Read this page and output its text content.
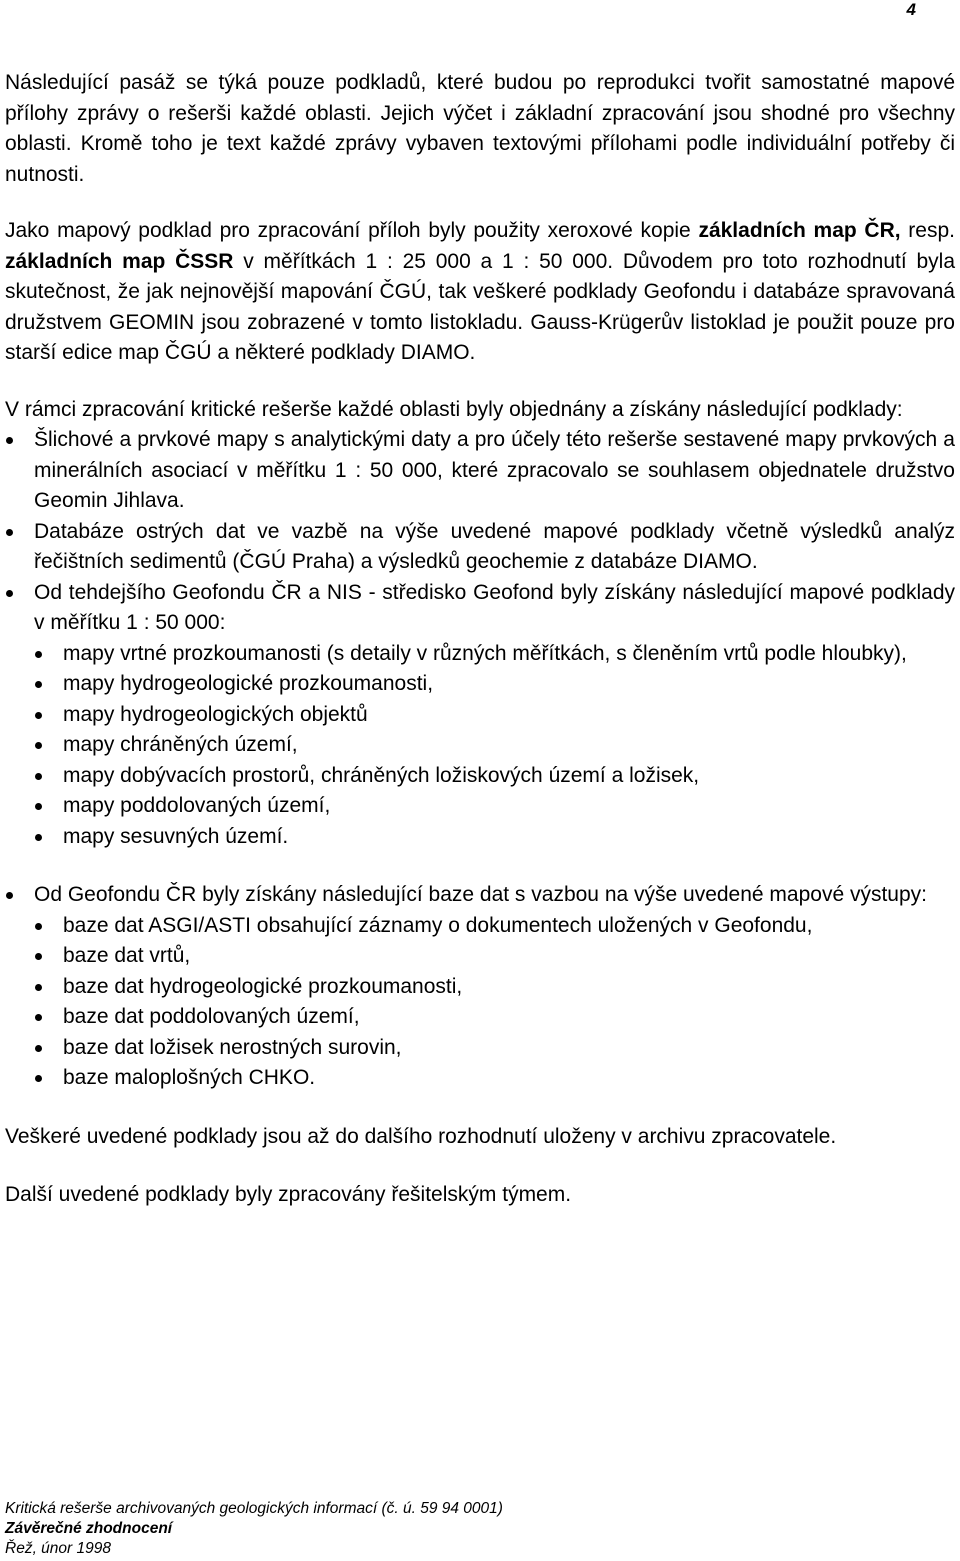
4

Následující pasáž se týká pouze podkladů, které budou po reprodukci tvořit samostatné mapové přílohy zprávy o rešerši každé oblasti. Jejich výčet i základní zpracování jsou shodné pro všechny oblasti. Kromě toho je text každé zprávy vybaven textovými přílohami podle individuální potřeby či nutnosti.

Jako mapový podklad pro zpracování příloh byly použity xeroxové kopie základních map ČR, resp. základních map ČSSR v měřítkách 1 : 25 000 a 1 : 50 000. Důvodem pro toto rozhodnutí byla skutečnost, že jak nejnovější mapování ČGÚ, tak veškeré podklady Geofondu i databáze spravovaná družstvem GEOMIN jsou zobrazené v tomto listokladu. Gauss-Krügerův listoklad je použit pouze pro starší edice map ČGÚ a některé podklady DIAMO.

V rámci zpracování kritické rešerše každé oblasti byly objednány a získány následující podklady:

Šlichové a prvkové mapy s analytickými daty a pro účely této rešerše sestavené mapy prvkových a minerálních asociací v měřítku 1 : 50 000, které zpracovalo se souhlasem objednatele družstvo Geomin Jihlava.
Databáze ostrých dat ve vazbě na výše uvedené mapové podklady včetně výsledků analýz řečištních sedimentů (ČGÚ Praha) a výsledků geochemie z databáze DIAMO.
Od tehdejšího Geofondu ČR a NIS - středisko Geofond byly získány následující mapové podklady v měřítku 1 : 50 000:
mapy vrtné prozkoumanosti (s detaily v různých měřítkách, s členěním vrtů podle hloubky),
mapy hydrogeologické prozkoumanosti,
mapy hydrogeologických objektů
mapy chráněných území,
mapy dobývacích prostorů, chráněných ložiskových území a ložisek,
mapy poddolovaných území,
mapy sesuvných území.
Od Geofondu ČR byly získány následující baze dat s vazbou na výše uvedené mapové výstupy:
baze dat ASGI/ASTI obsahující záznamy o dokumentech uložených v Geofondu,
baze dat vrtů,
baze dat hydrogeologické prozkoumanosti,
baze dat poddolovaných území,
baze dat ložisek nerostných surovin,
baze maloplošných CHKO.

Veškeré uvedené podklady jsou až do dalšího rozhodnutí uloženy v archivu zpracovatele.

Další uvedené podklady byly zpracovány řešitelským týmem.

Kritická rešerše archivovaných geologických informací (č. ú. 59 94 0001)
Závěrečné zhodnocení
Řež, únor 1998
